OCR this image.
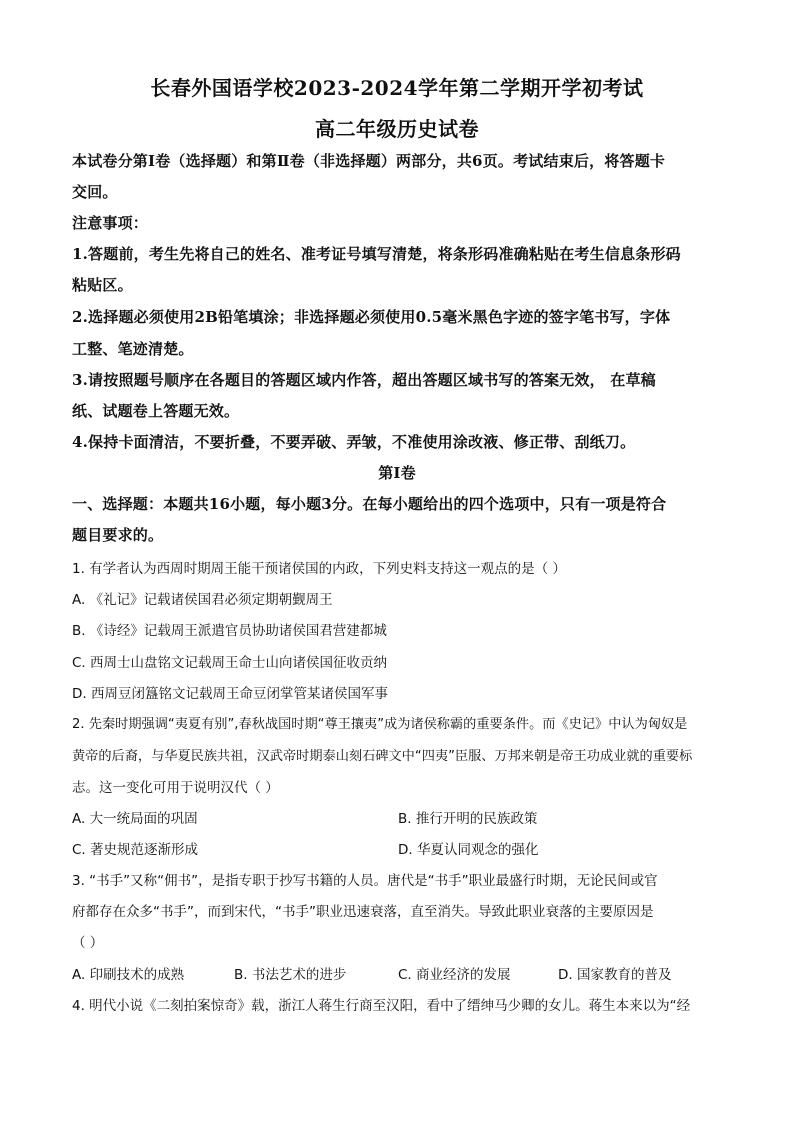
长春外国语学校2023-2024学年第二学期开学初考试
高二年级历史试卷
本试卷分第Ⅰ卷（选择题）和第Ⅱ卷（非选择题）两部分，共6页。考试结束后，将答题卡
交回。
注意事项：
1.答题前，考生先将自己的姓名、准考证号填写清楚，将条形码准确粘贴在考生信息条形码
粘贴区。
2.选择题必须使用2B铅笔填涂；非选择题必须使用0.5毫米黑色字迹的签字笔书写，字体
工整、笔迹清楚。
3.请按照题号顺序在各题目的答题区域内作答，超出答题区域书写的答案无效， 在草稿
纸、试题卷上答题无效。
4.保持卡面清洁，不要折叠，不要弄破、弄皱，不准使用涂改液、修正带、刮纸刀。
第Ⅰ卷
一、选择题：本题共16小题，每小题3分。在每小题给出的四个选项中，只有一项是符合
题目要求的。
1. 有学者认为西周时期周王能干预诸侯国的内政，下列史料支持这一观点的是（ ）
A. 《礼记》记载诸侯国君必须定期朝觐周王
B. 《诗经》记载周王派遣官员协助诸侯国君营建都城
C. 西周士山盘铭文记载周王命士山向诸侯国征收贡纳
D. 西周豆闭簋铭文记载周王命豆闭掌管某诸侯国军事
2. 先秦时期强调“夷夏有别”,春秋战国时期“尊王攘夷”成为诸侯称霸的重要条件。而《史记》中认为匈奴是
黄帝的后裔，与华夏民族共祖，汉武帝时期泰山刻石碑文中“四夷”臣服、万邦来朝是帝王功成业就的重要标
志。这一变化可用于说明汉代（ ）
A. 大一统局面的巩固	B. 推行开明的民族政策
C. 著史规范逐渐形成	D. 华夏认同观念的强化
3. “书手”又称“佣书”，是指专职于抄写书籍的人员。唐代是“书手”职业最盛行时期，无论民间或官
府都存在众多“书手”，而到宋代，“书手”职业迅速衰落，直至消失。导致此职业衰落的主要原因是
（ ）
A. 印刷技术的成熟	B. 书法艺术的进步	C. 商业经济的发展	D. 国家教育的普及
4. 明代小说《二刻拍案惊奇》载，浙江人蒋生行商至汉阳，看中了缙绅马少卿的女儿。蒋生本来以为“经
